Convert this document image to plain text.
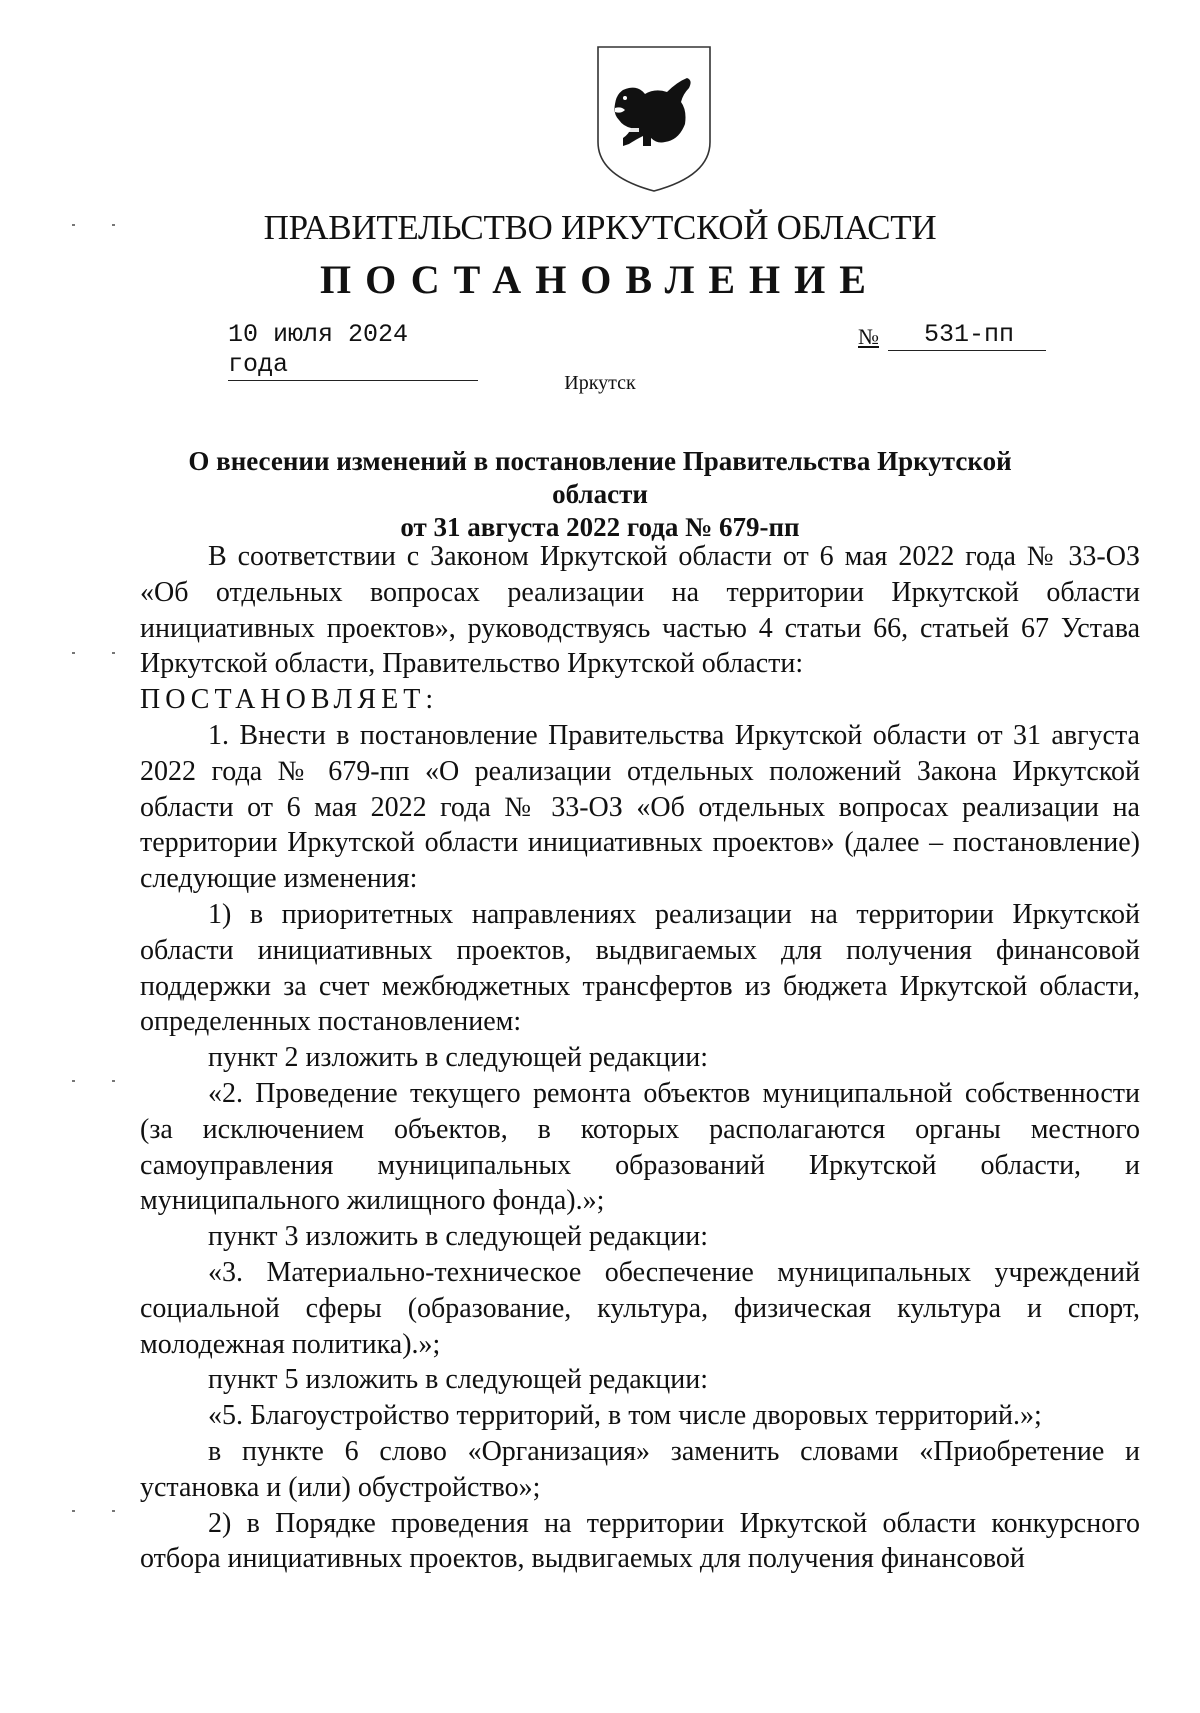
ПРАВИТЕЛЬСТВО ИРКУТСКОЙ ОБЛАСТИ
ПОСТАНОВЛЕНИЕ
10 июля 2024 года
№	531-пп
Иркутск
О внесении изменений в постановление Правительства Иркутской области
от 31 августа 2022 года № 679-пп

В соответствии с Законом Иркутской области от 6 мая 2022 года № 33-ОЗ «Об отдельных вопросах реализации на территории Иркутской области инициативных проектов», руководствуясь частью 4 статьи 66, статьей 67 Устава Иркутской области, Правительство Иркутской области:

ПОСТАНОВЛЯЕТ:

1. Внести в постановление Правительства Иркутской области от 31 августа 2022 года № 679-пп «О реализации отдельных положений Закона Иркутской области от 6 мая 2022 года № 33-ОЗ «Об отдельных вопросах реализации на территории Иркутской области инициативных проектов» (далее – постановление) следующие изменения:

1) в приоритетных направлениях реализации на территории Иркутской области инициативных проектов, выдвигаемых для получения финансовой поддержки за счет межбюджетных трансфертов из бюджета Иркутской области, определенных постановлением:

пункт 2 изложить в следующей редакции:

«2. Проведение текущего ремонта объектов муниципальной собственности (за исключением объектов, в которых располагаются органы местного самоуправления муниципальных образований Иркутской области, и муниципального жилищного фонда).»;

пункт 3 изложить в следующей редакции:

«3. Материально-техническое обеспечение муниципальных учреждений социальной сферы (образование, культура, физическая культура и спорт, молодежная политика).»;

пункт 5 изложить в следующей редакции:

«5. Благоустройство территорий, в том числе дворовых территорий.»;

в пункте 6 слово «Организация» заменить словами «Приобретение и установка и (или) обустройство»;

2) в Порядке проведения на территории Иркутской области конкурсного отбора инициативных проектов, выдвигаемых для получения финансовой
